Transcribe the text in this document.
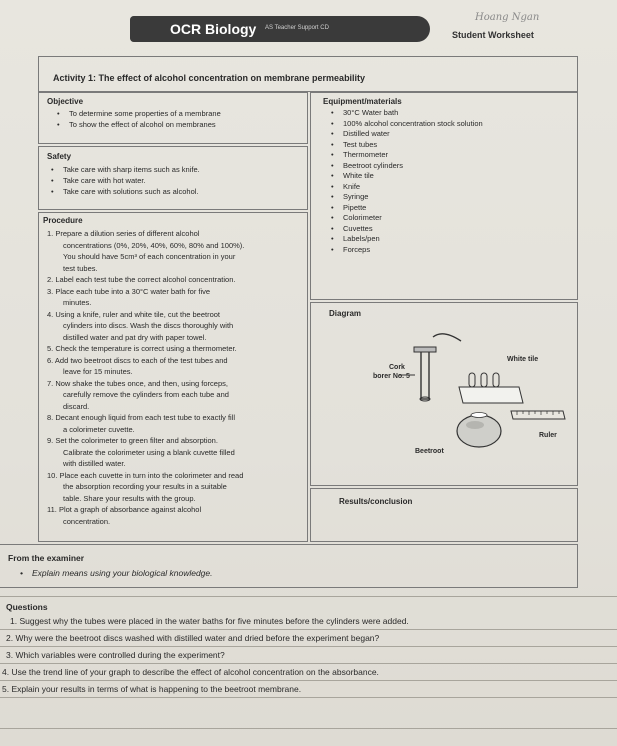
OCR Biology AS Teacher Support CD
Hoang Ngan
Student Worksheet
Activity 1: The effect of alcohol concentration on membrane permeability
Objective
• To determine some properties of a membrane
• To show the effect of alcohol on membranes
Safety
• Take care with sharp items such as knife.
• Take care with hot water.
• Take care with solutions such as alcohol.
Procedure
1. Prepare a dilution series of different alcohol
concentrations (0%, 20%, 40%, 60%, 80% and 100%).
You should have 5cm³ of each concentration in your
test tubes.
2. Label each test tube the correct alcohol concentration.
3. Place each tube into a 30°C water bath for five
minutes.
4. Using a knife, ruler and white tile, cut the beetroot
cylinders into discs. Wash the discs thoroughly with
distilled water and pat dry with paper towel.
5. Check the temperature is correct using a thermometer.
6. Add two beetroot discs to each of the test tubes and
leave for 15 minutes.
7. Now shake the tubes once, and then, using forceps,
carefully remove the cylinders from each tube and
discard.
8. Decant enough liquid from each test tube to exactly fill
a colorimeter cuvette.
9. Set the colorimeter to green filter and absorption.
Calibrate the colorimeter using a blank cuvette filled
with distilled water.
10. Place each cuvette in turn into the colorimeter and read
the absorption recording your results in a suitable
table. Share your results with the group.
11. Plot a graph of absorbance against alcohol
concentration.
Equipment/materials
• 30°C Water bath
• 100% alcohol concentration stock solution
• Distilled water
• Test tubes
• Thermometer
• Beetroot cylinders
• White tile
• Knife
• Syringe
• Pipette
• Colorimeter
• Cuvettes
• Labels/pen
• Forceps
Diagram
Cork
borer No. 5
White tile
Ruler
Beetroot
Results/conclusion
From the examiner
• Explain means using your biological knowledge.
Questions
1. Suggest why the tubes were placed in the water baths for five minutes before the cylinders were added.
2. Why were the beetroot discs washed with distilled water and dried before the experiment began?
3. Which variables were controlled during the experiment?
4. Use the trend line of your graph to describe the effect of alcohol concentration on the absorbance.
5. Explain your results in terms of what is happening to the beetroot membrane.
